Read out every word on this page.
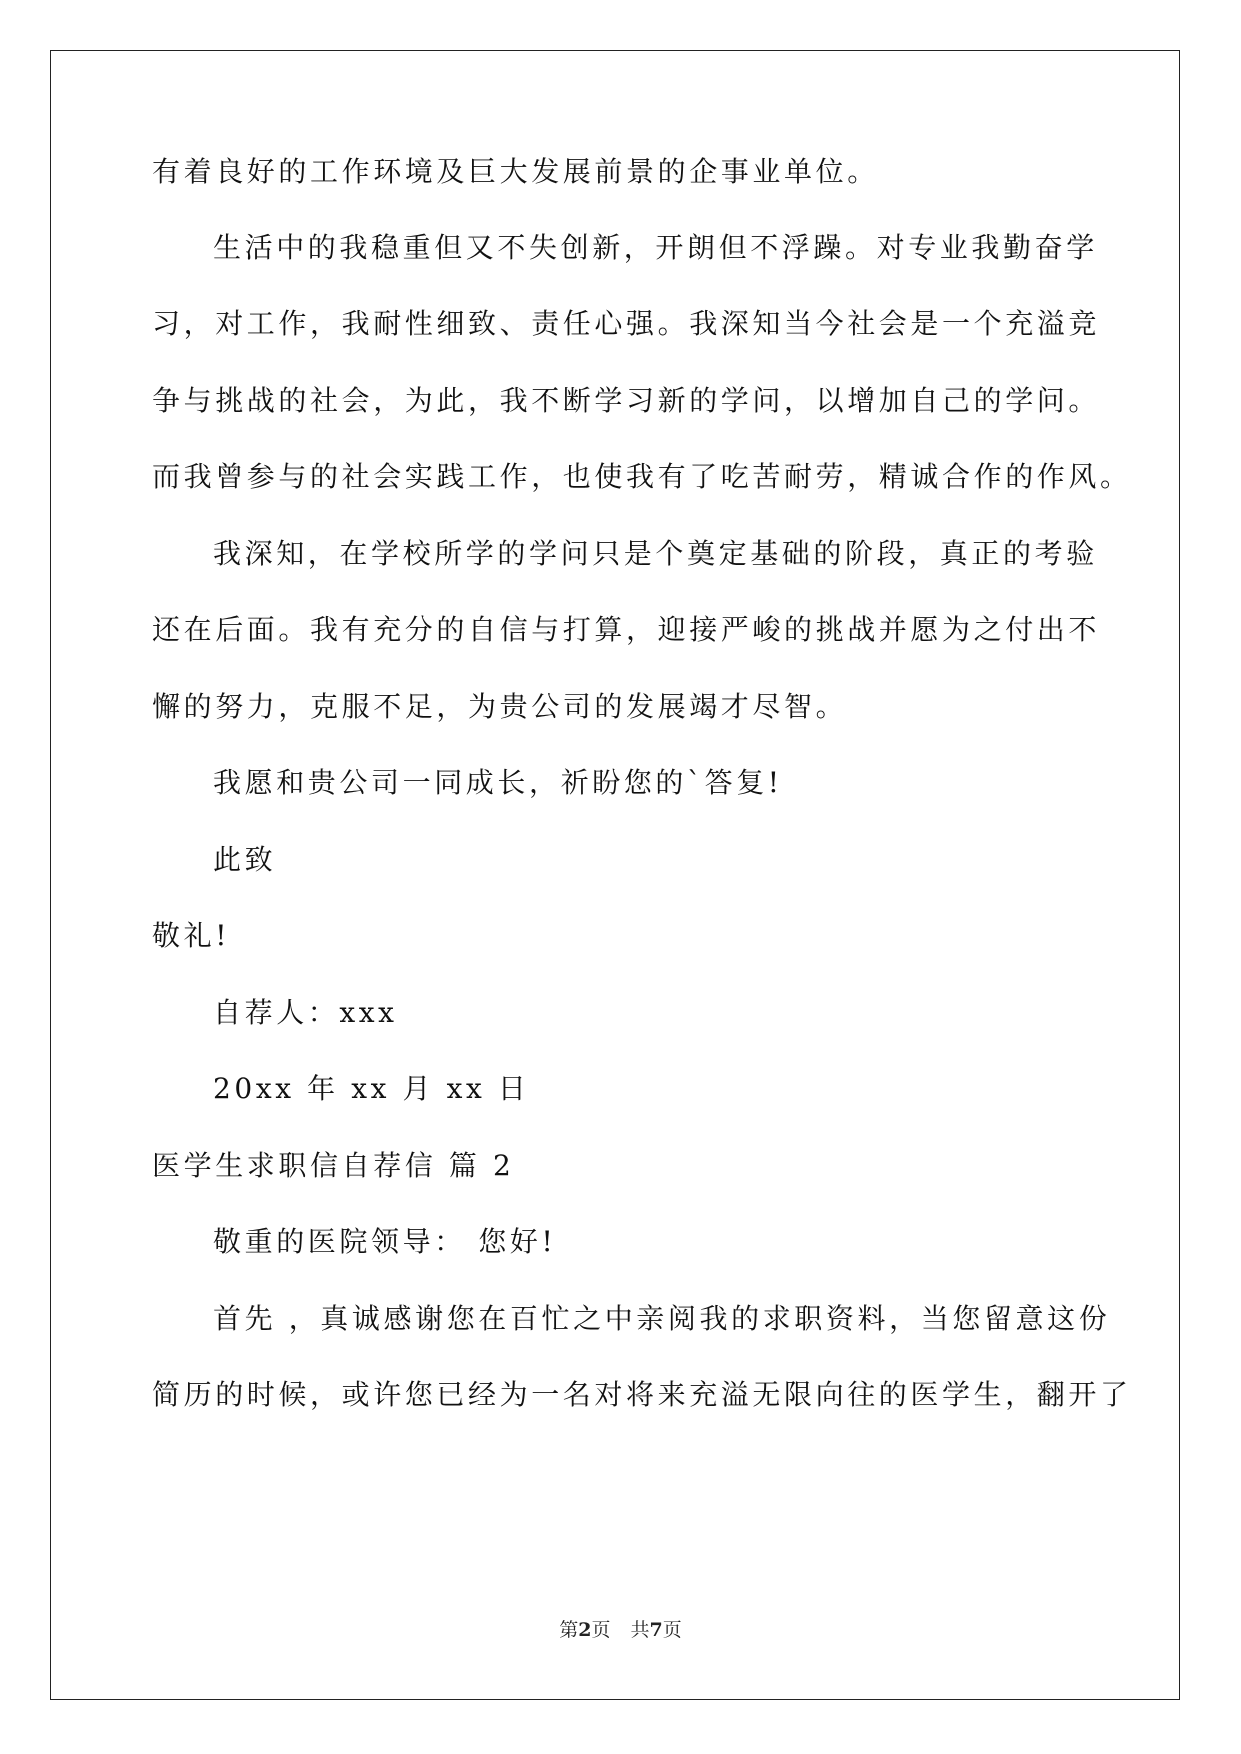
有着良好的工作环境及巨大发展前景的企事业单位。
生活中的我稳重但又不失创新，开朗但不浮躁。对专业我勤奋学
习，对工作，我耐性细致、责任心强。我深知当今社会是一个充溢竞
争与挑战的社会，为此，我不断学习新的学问，以增加自己的学问。
而我曾参与的社会实践工作，也使我有了吃苦耐劳，精诚合作的作风。
我深知，在学校所学的学问只是个奠定基础的阶段，真正的考验
还在后面。我有充分的自信与打算，迎接严峻的挑战并愿为之付出不
懈的努力，克服不足，为贵公司的发展竭才尽智。
我愿和贵公司一同成长，祈盼您的`答复!
此致
敬礼!
自荐人：xxx
20xx 年 xx 月 xx 日
医学生求职信自荐信 篇 2
敬重的医院领导： 您好!
首先 ，真诚感谢您在百忙之中亲阅我的求职资料，当您留意这份
简历的时候，或许您已经为一名对将来充溢无限向往的医学生，翻开了
第2页 共7页
